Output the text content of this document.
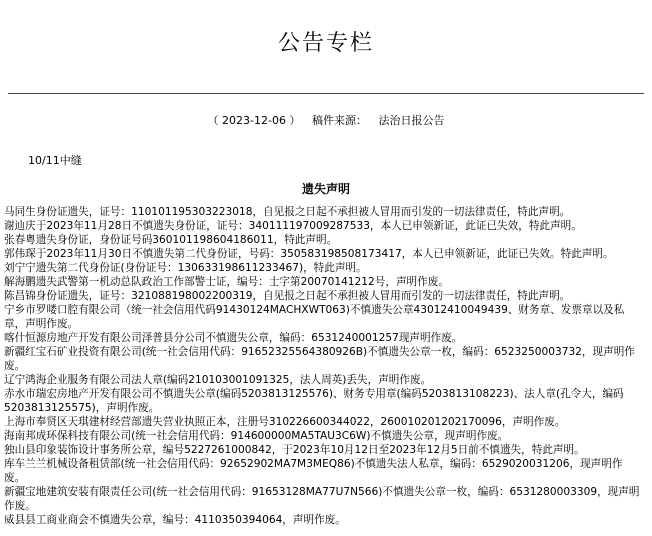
公告专栏
（ 2023-12-06 ） 稿件来源： 法治日报公告
10/11中缝
遗失声明

马同生身份证遗失，证号：110101195303223018，自见报之日起不承担被人冒用而引发的一切法律责任，特此声明。

谢辿庆于2023年11月28日不慎遗失身份证，证号：340111197009287533，本人已申领新证，此证已失效，特此声明。

张春粤遗失身份证，身份证号码360101198604186011，特此声明。

郭伟琛于2023年11月30日不慎遗失第二代身份证，号码：350583198508173417，本人已申领新证，此证已失效。特此声明。

刘宁宁遗失第二代身份证(身份证号：130633198611233467)，特此声明。

解海鹏遗失武警第一机动总队政治工作部警士证，编号：士字第20070141212号，声明作废。

陈昌锦身份证遗失，证号：321088198002200319，自见报之日起不承担被人冒用而引发的一切法律责任，特此声明。

宁乡市罗喽口腔有限公司（统一社会信用代码91430124MACHXWT063)不慎遗失公章43012410049439、财务章、发票章以及私章，声明作废。

喀什恒源房地产开发有限公司泽普县分公司不慎遗失公章，编码：6531240001257现声明作废。

新疆红宝石矿业投资有限公司(统一社会信用代码：91652325564380926B)不慎遗失公章一枚，编码：6523250003732，现声明作废。

辽宁鸿海企业服务有限公司法人章(编码210103001091325，法人周英)丢失，声明作废。

赤水市瑞宏房地产开发有限公司不慎遗失公章(编码5203813125576)、财务专用章(编码5203813108223)、法人章(孔令大，编码5203813125575)，声明作废。

上海市奉贤区天琪建材经营部遗失营业执照正本，注册号310226600344022，2600102012021700​96，声明作废。

海南邦成环保科技有限公司(统一社会信用代码：914600000MA5TAU3C6W)不慎遗失公章，现声明作废。

独山县印象装饰设计事务所公章，编号5227261000842，于2023年10月12日至2023年12月5日前不慎遗失，特此声明。

库车兰兰机械设备租赁部(统一社会信用代码：92652902MA7M3MEQ86)不慎遗失法人私章，编码：6529020031206，现声明作废。

新疆宝地建筑安装有限责任公司(统一社会信用代码：91653128MA77U7N566)不慎遗失公章一枚，编码：6531280003309，现声明作废。

威县县工商业商会不慎遗失公章，编号：4110350394064，声明作废。
